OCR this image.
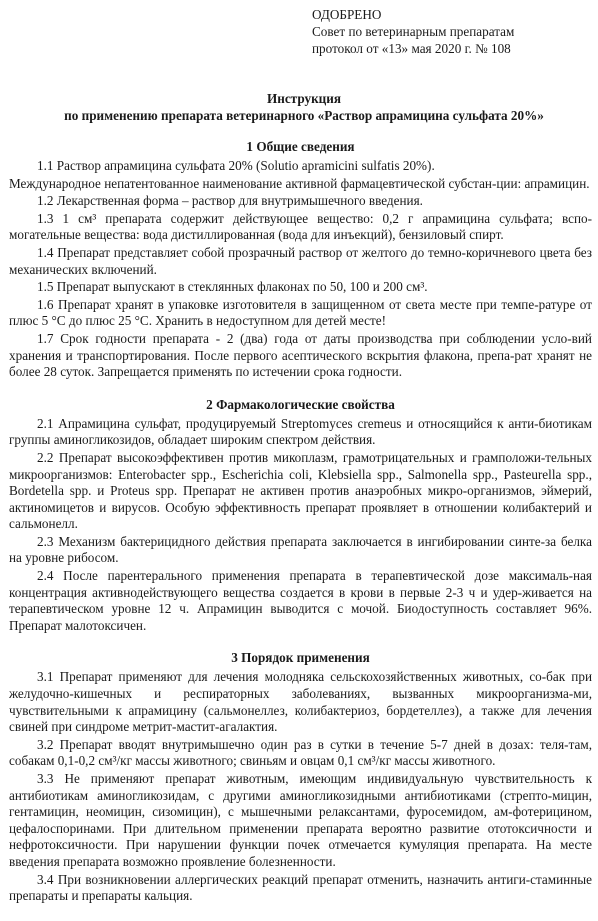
ОДОБРЕНО
Совет по ветеринарным препаратам
протокол от «13» мая 2020 г. № 108
Инструкция
по применению препарата ветеринарного «Раствор апрамицина сульфата 20%»
1 Общие сведения

1.1 Раствор апрамицина сульфата 20% (Solutio apramicini sulfatis 20%).

Международное непатентованное наименование активной фармацевтической субстан-ции: апрамицин.

1.2 Лекарственная форма – раствор для внутримышечного введения.

1.3 1 см³ препарата содержит действующее вещество: 0,2 г апрамицина сульфата; вспо-могательные вещества: вода дистиллированная (вода для инъекций), бензиловый спирт.

1.4 Препарат представляет собой прозрачный раствор от желтого до темно-коричневого цвета без механических включений.

1.5 Препарат выпускают в стеклянных флаконах по 50, 100 и 200 см³.

1.6 Препарат хранят в упаковке изготовителя в защищенном от света месте при темпе-ратуре от плюс 5 °С до плюс 25 °С. Хранить в недоступном для детей месте!

1.7 Срок годности препарата - 2 (два) года от даты производства при соблюдении усло-вий хранения и транспортирования. После первого асептического вскрытия флакона, препа-рат хранят не более 28 суток. Запрещается применять по истечении срока годности.

2 Фармакологические свойства

2.1 Апрамицина сульфат, продуцируемый Streptomyces cremeus и относящийся к анти-биотикам группы аминогликозидов, обладает широким спектром действия.

2.2 Препарат высокоэффективен против микоплазм, грамотрицательных и грамположи-тельных микроорганизмов: Enterobacter spp., Escherichia coli, Klebsiella spp., Salmonella spp., Pasteurella spp., Bordetella spp. и Proteus spp. Препарат не активен против анаэробных микро-организмов, эймерий, актиномицетов и вирусов. Особую эффективность препарат проявляет в отношении колибактерий и сальмонелл.

2.3 Механизм бактерицидного действия препарата заключается в ингибировании синте-за белка на уровне рибосом.

2.4 После парентерального применения препарата в терапевтической дозе максималь-ная концентрация активнодействующего вещества создается в крови в первые 2-3 ч и удер-живается на терапевтическом уровне 12 ч. Апрамицин выводится с мочой. Биодоступность составляет 96%. Препарат малотоксичен.

3 Порядок применения

3.1 Препарат применяют для лечения молодняка сельскохозяйственных животных, со-бак при желудочно-кишечных и респираторных заболеваниях, вызванных микроорганизма-ми, чувствительными к апрамицину (сальмонеллез, колибактериоз, бордетеллез), а также для лечения свиней при синдроме метрит-мастит-агалактия.

3.2 Препарат вводят внутримышечно один раз в сутки в течение 5-7 дней в дозах: теля-там, собакам 0,1-0,2 см³/кг массы животного; свиньям и овцам 0,1 см³/кг массы животного.

3.3 Не применяют препарат животным, имеющим индивидуальную чувствительность к антибиотикам аминогликозидам, с другими аминогликозидными антибиотиками (стрепто-мицин, гентамицин, неомицин, сизомицин), с мышечными релаксантами, фуросемидом, ам-фотерицином, цефалоспоринами. При длительном применении препарата вероятно развитие ототоксичности и нефротоксичности. При нарушении функции почек отмечается кумуляция препарата. На месте введения препарата возможно проявление болезненности.

3.4 При возникновении аллергических реакций препарат отменить, назначить антиги-стаминные препараты и препараты кальция.
